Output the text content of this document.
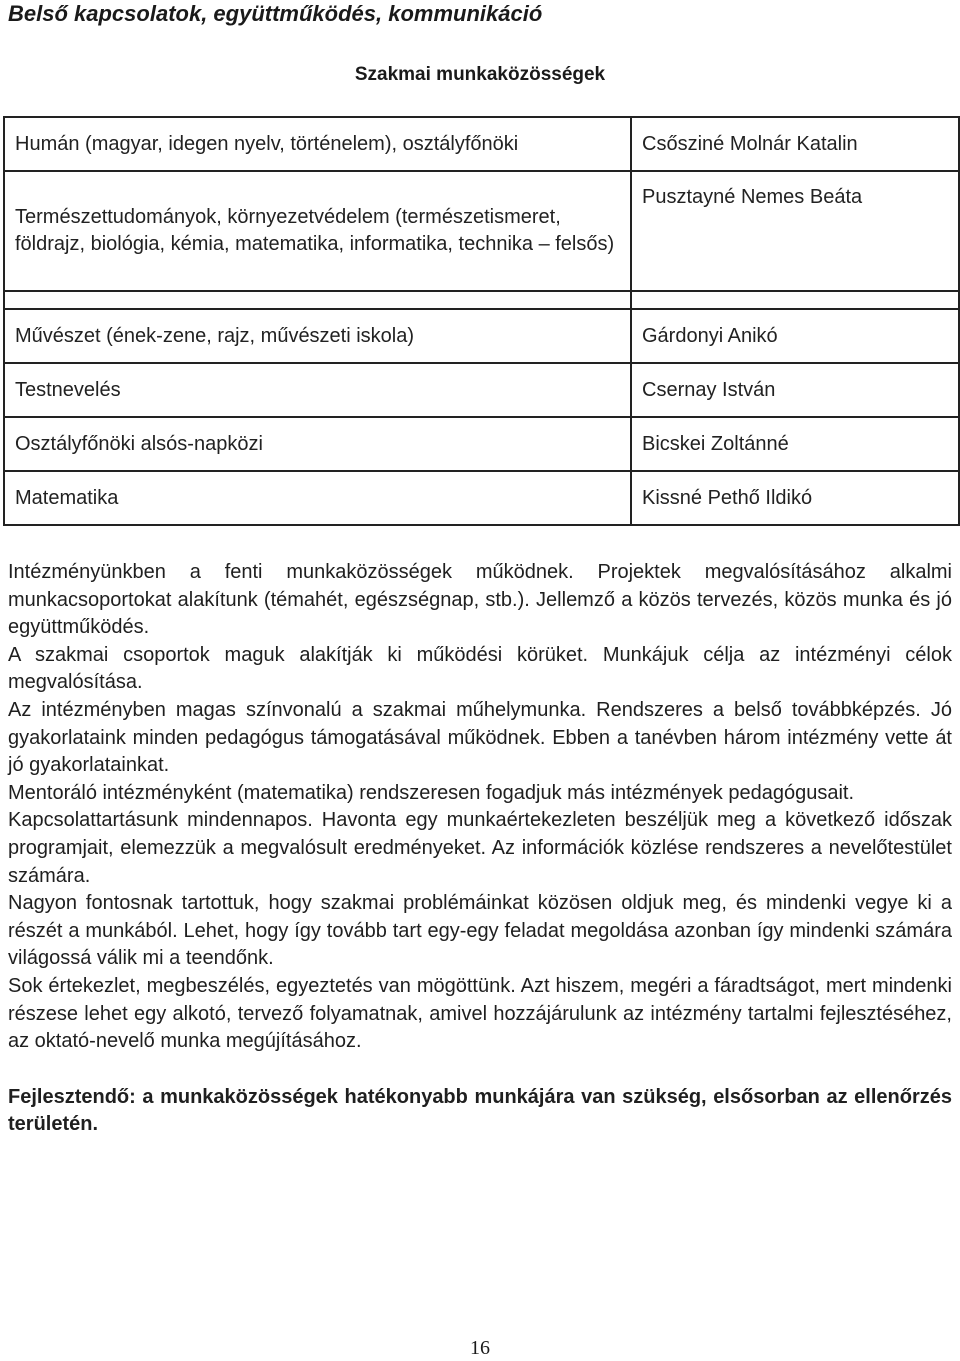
Belső kapcsolatok, együttműködés, kommunikáció
Szakmai munkaközösségek
Humán (magyar, idegen nyelv, történelem), osztályfőnöki	Csősziné Molnár Katalin
Természettudományok, környezetvédelem (természetismeret, földrajz, biológia, kémia, matematika, informatika, technika – felsős)	Pusztayné Nemes Beáta

Művészet (ének-zene, rajz, művészeti iskola)	Gárdonyi Anikó
Testnevelés	Csernay István
Osztályfőnöki alsós-napközi	Bicskei Zoltánné
Matematika	Kissné Pethő Ildikó

Intézményünkben a fenti munkaközösségek működnek. Projektek megvalósításához alkalmi munkacsoportokat alakítunk (témahét, egészségnap, stb.). Jellemző a közös tervezés, közös munka és jó együttműködés.

A szakmai csoportok maguk alakítják ki működési körüket. Munkájuk célja az intézményi célok megvalósítása.

Az intézményben magas színvonalú a szakmai műhelymunka. Rendszeres a belső továbbképzés. Jó gyakorlataink minden pedagógus támogatásával működnek. Ebben a tanévben három intézmény vette át jó gyakorlatainkat.

Mentoráló intézményként (matematika) rendszeresen fogadjuk más intézmények pedagógusait.

Kapcsolattartásunk mindennapos. Havonta egy munkaértekezleten beszéljük meg a következő időszak programjait, elemezzük a megvalósult eredményeket. Az információk közlése rendszeres a nevelőtestület számára.

Nagyon fontosnak tartottuk, hogy szakmai problémáinkat közösen oldjuk meg, és mindenki vegye ki a részét a munkából. Lehet, hogy így tovább tart egy-egy feladat megoldása azonban így mindenki számára világossá válik mi a teendőnk.

Sok értekezlet, megbeszélés, egyeztetés van mögöttünk. Azt hiszem, megéri a fáradtságot, mert mindenki részese lehet egy alkotó, tervező folyamatnak, amivel hozzájárulunk az intézmény tartalmi fejlesztéséhez, az oktató-nevelő munka megújításához.

Fejlesztendő: a munkaközösségek hatékonyabb munkájára van szükség, elsősorban az ellenőrzés területén.

16
